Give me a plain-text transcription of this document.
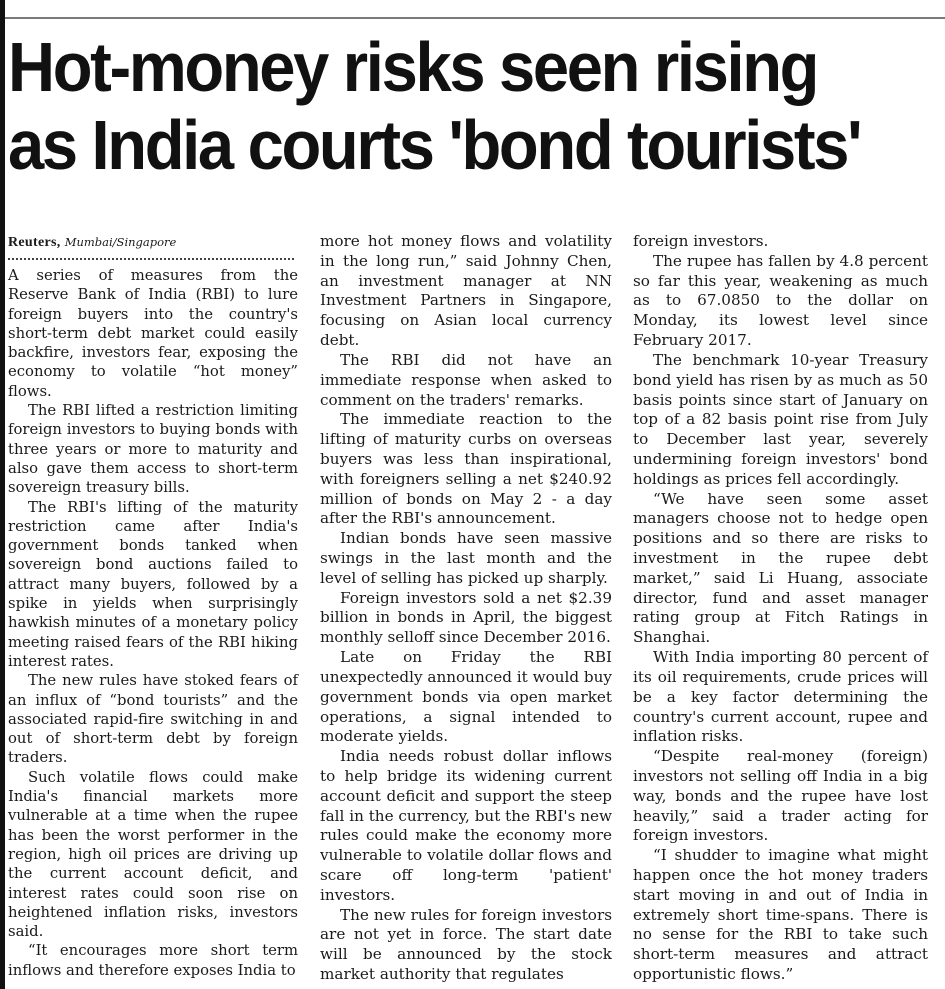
Hot-money risks seen rising
as India courts 'bond tourists'
Reuters, Mumbai/Singapore

A series of measures from the Reserve Bank of India (RBI) to lure foreign buyers into the country's short-term debt market could easily backfire, investors fear, exposing the economy to volatile “hot money” flows.

The RBI lifted a restriction limiting foreign investors to buying bonds with three years or more to maturity and also gave them access to short-term sovereign treasury bills.

The RBI's lifting of the maturity restriction came after India's government bonds tanked when sovereign bond auctions failed to attract many buyers, followed by a spike in yields when surprisingly hawkish minutes of a monetary policy meeting raised fears of the RBI hiking interest rates.

The new rules have stoked fears of an influx of “bond tourists” and the associated rapid-fire switching in and out of short-term debt by foreign traders.

Such volatile flows could make India's financial markets more vulnerable at a time when the rupee has been the worst performer in the region, high oil prices are driving up the current account deficit, and interest rates could soon rise on heightened inflation risks, investors said.

“It encourages more short term inflows and therefore exposes India to

more hot money flows and volatility in the long run,” said Johnny Chen, an investment manager at NN Investment Partners in Singapore, focusing on Asian local currency debt.

The RBI did not have an immediate response when asked to comment on the traders' remarks.

The immediate reaction to the lifting of maturity curbs on overseas buyers was less than inspirational, with foreigners selling a net $240.92 million of bonds on May 2 - a day after the RBI's announcement.

Indian bonds have seen massive swings in the last month and the level of selling has picked up sharply.

Foreign investors sold a net $2.39 billion in bonds in April, the biggest monthly selloff since December 2016.

Late on Friday the RBI unexpectedly announced it would buy government bonds via open market operations, a signal intended to moderate yields.

India needs robust dollar inflows to help bridge its widening current account deficit and support the steep fall in the currency, but the RBI's new rules could make the economy more vulnerable to volatile dollar flows and scare off long-term 'patient' investors.

The new rules for foreign investors are not yet in force. The start date will be announced by the stock market authority that regulates

foreign investors.

The rupee has fallen by 4.8 percent so far this year, weakening as much as to 67.0850 to the dollar on Monday, its lowest level since February 2017.

The benchmark 10-year Treasury bond yield has risen by as much as 50 basis points since start of January on top of a 82 basis point rise from July to December last year, severely undermining foreign investors' bond holdings as prices fell accordingly.

“We have seen some asset managers choose not to hedge open positions and so there are risks to investment in the rupee debt market,” said Li Huang, associate director, fund and asset manager rating group at Fitch Ratings in Shanghai.

With India importing 80 percent of its oil requirements, crude prices will be a key factor determining the country's current account, rupee and inflation risks.

“Despite real-money (foreign) investors not selling off India in a big way, bonds and the rupee have lost heavily,” said a trader acting for foreign investors.

“I shudder to imagine what might happen once the hot money traders start moving in and out of India in extremely short time-spans. There is no sense for the RBI to take such short-term measures and attract opportunistic flows.”
